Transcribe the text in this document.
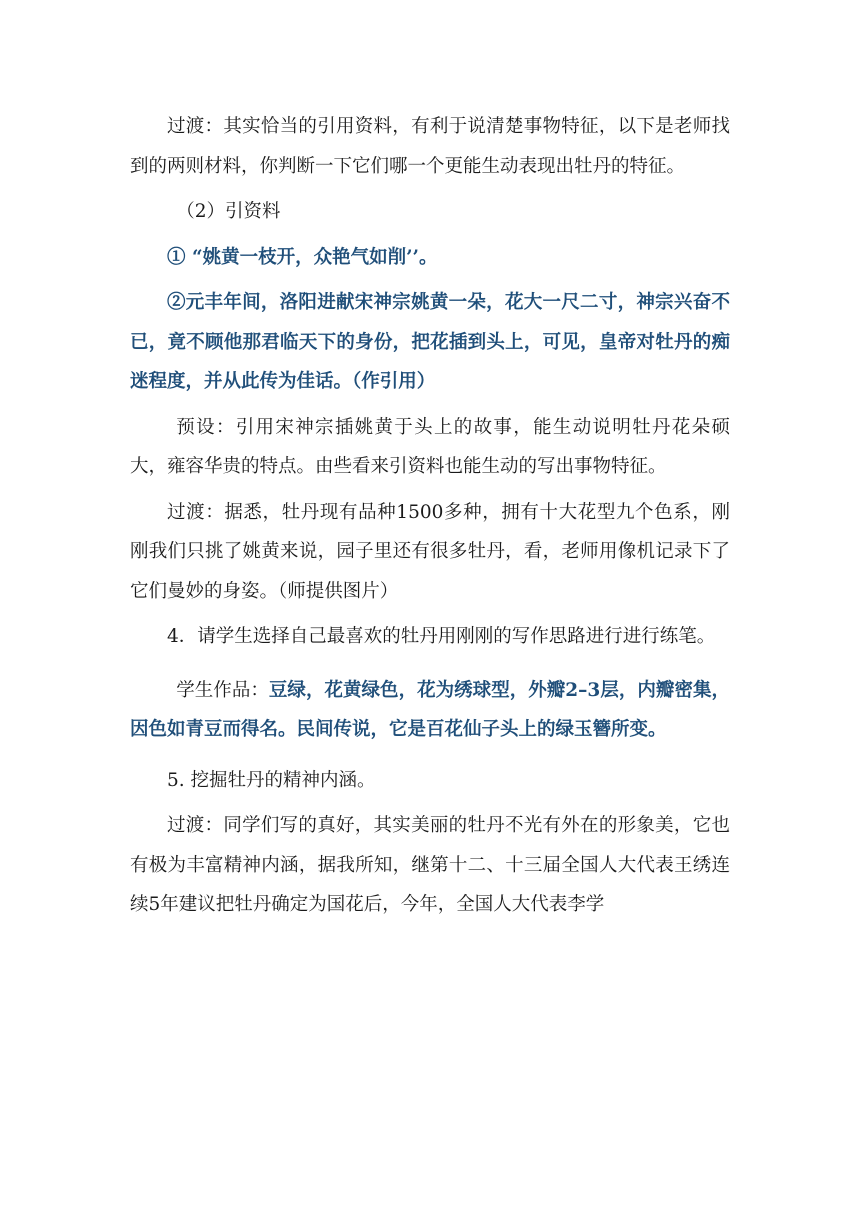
过渡：其实恰当的引用资料，有利于说清楚事物特征，以下是老师找到的两则材料，你判断一下它们哪一个更能生动表现出牡丹的特征。

（2）引资料

① “姚黄一枝开，众艳气如削’’。

②元丰年间，洛阳进献宋神宗姚黄一朵，花大一尺二寸，神宗兴奋不已，竟不顾他那君临天下的身份，把花插到头上，可见，皇帝对牡丹的痴迷程度，并从此传为佳话。（作引用）

预设：引用宋神宗插姚黄于头上的故事，能生动说明牡丹花朵硕大，雍容华贵的特点。由些看来引资料也能生动的写出事物特征。

过渡：据悉，牡丹现有品种1500多种，拥有十大花型九个色系，刚刚我们只挑了姚黄来说，园子里还有很多牡丹，看，老师用像机记录下了它们曼妙的身姿。（师提供图片）

4．请学生选择自己最喜欢的牡丹用刚刚的写作思路进行进行练笔。

学生作品：豆绿，花黄绿色，花为绣球型，外瓣2–3层，内瓣密集，因色如青豆而得名。民间传说，它是百花仙子头上的绿玉簪所变。

5. 挖掘牡丹的精神内涵。

过渡：同学们写的真好，其实美丽的牡丹不光有外在的形象美，它也有极为丰富精神内涵，据我所知，继第十二、十三届全国人大代表王绣连续5年建议把牡丹确定为国花后，今年，全国人大代表李学
